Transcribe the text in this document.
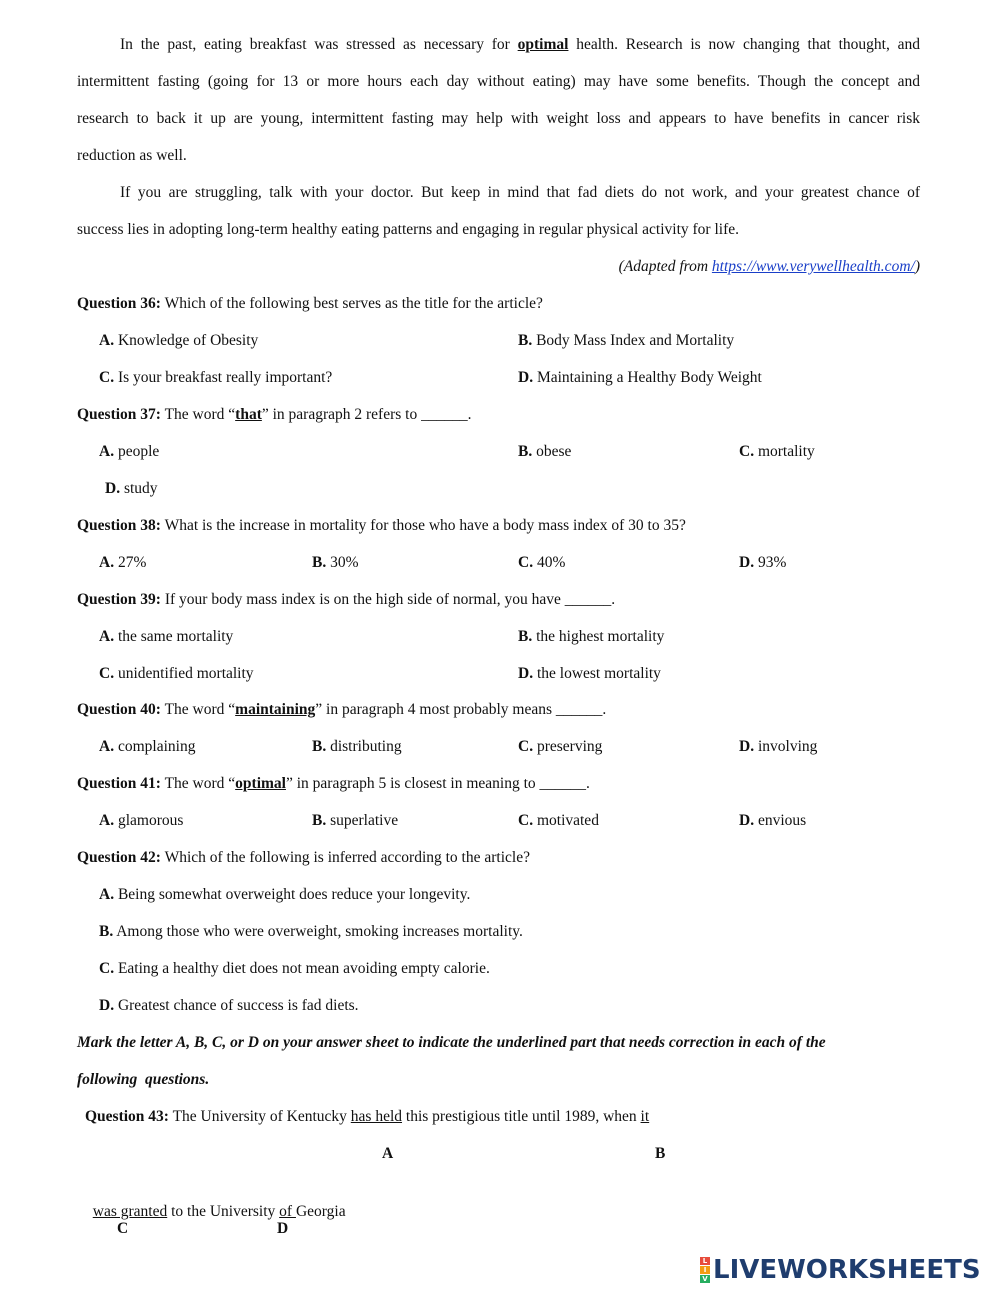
In the past, eating breakfast was stressed as necessary for optimal health. Research is now changing that thought, and
intermittent fasting (going for 13 or more hours each day without eating) may have some benefits. Though the concept and
research to back it up are young, intermittent fasting may help with weight loss and appears to have benefits in cancer risk
reduction as well.
If you are struggling, talk with your doctor. But keep in mind that fad diets do not work, and your greatest chance of
success lies in adopting long-term healthy eating patterns and engaging in regular physical activity for life.
(Adapted from https://www.verywellhealth.com/)
Question 36: Which of the following best serves as the title for the article?
A. Knowledge of Obesity	B. Body Mass Index and Mortality
C. Is your breakfast really important?	D. Maintaining a Healthy Body Weight
Question 37: The word “that” in paragraph 2 refers to ______.
A. people	B. obese	C. mortality
D. study
Question 38: What is the increase in mortality for those who have a body mass index of 30 to 35?
A. 27%	B. 30%	C. 40%	D. 93%
Question 39: If your body mass index is on the high side of normal, you have ______.
A. the same mortality	B. the highest mortality
C. unidentified mortality	D. the lowest mortality
Question 40: The word “maintaining” in paragraph 4 most probably means ______.
A. complaining	B. distributing	C. preserving	D. involving
Question 41: The word “optimal” in paragraph 5 is closest in meaning to ______.
A. glamorous	B. superlative	C. motivated	D. envious
Question 42: Which of the following is inferred according to the article?
A. Being somewhat overweight does reduce your longevity.
B. Among those who were overweight, smoking increases mortality.
C. Eating a healthy diet does not mean avoiding empty calorie.
D. Greatest chance of success is fad diets.
Mark the letter A, B, C, or D on your answer sheet to indicate the underlined part that needs correction in each of the
following  questions.
Question 43: The University of Kentucky has held this prestigious title until 1989, when it
A	B

was granted to the University of Georgia

C	D
L
I
V LIVEWORKSHEETS
